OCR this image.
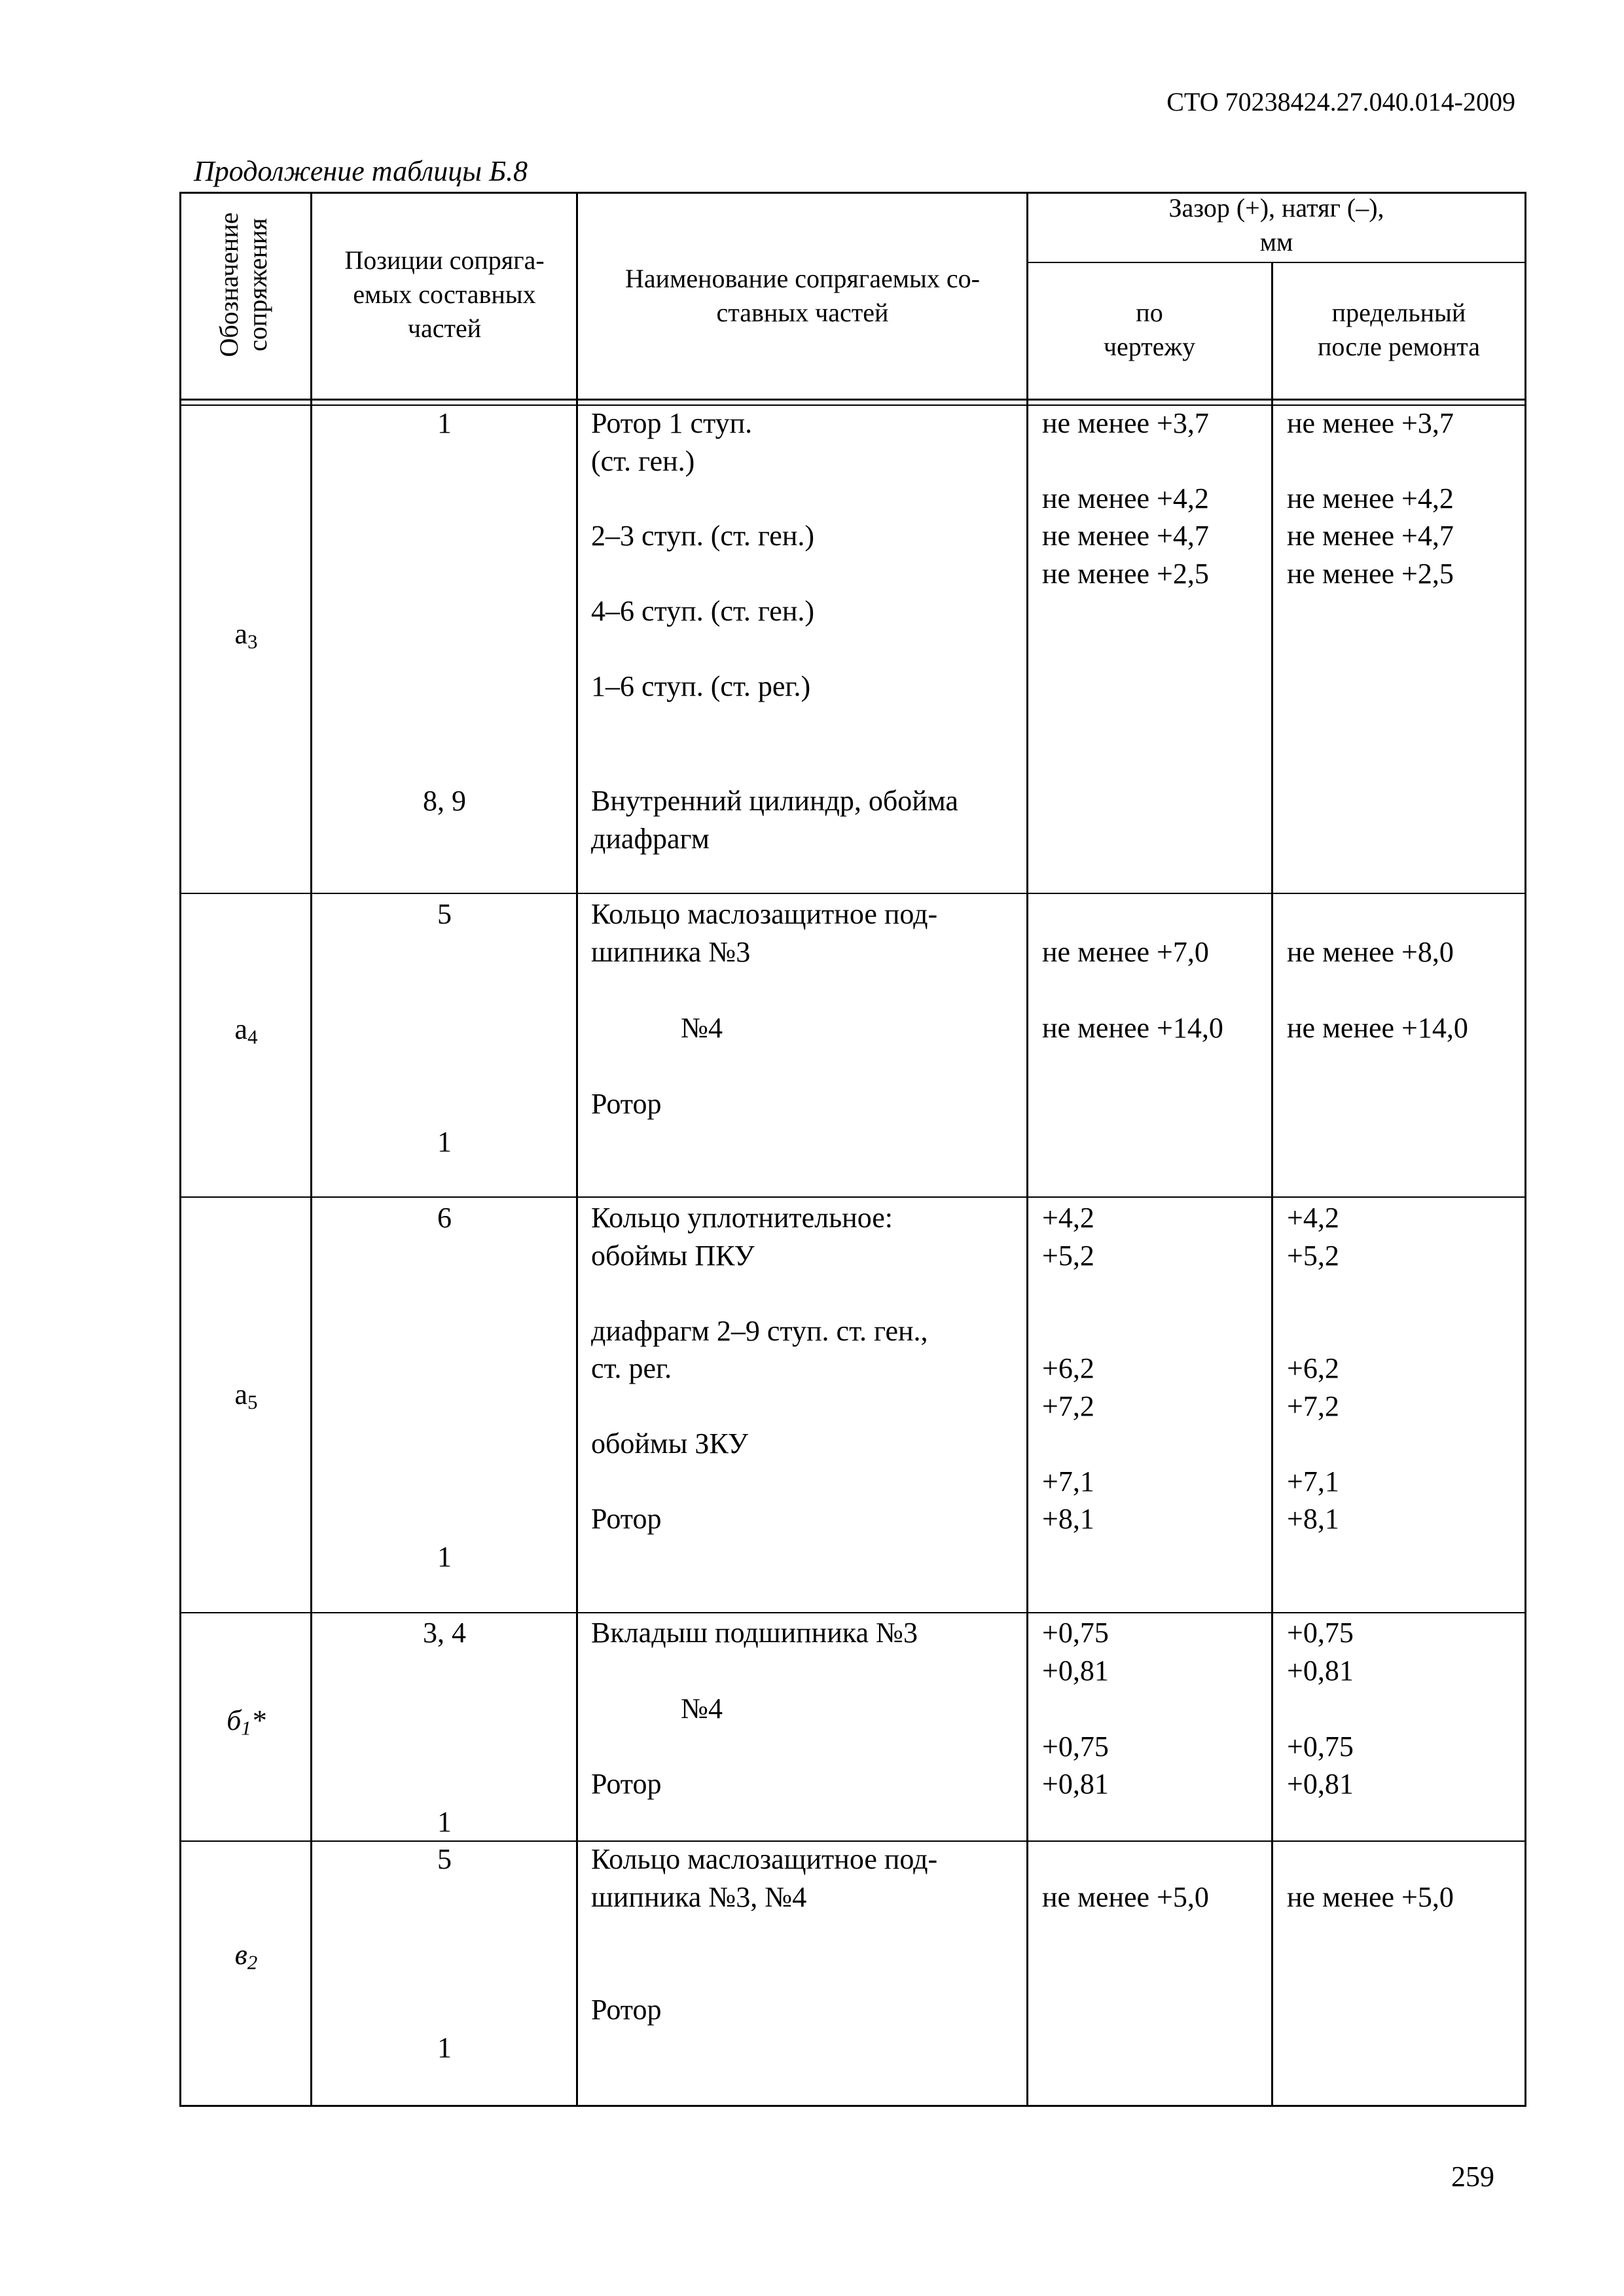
СТО 70238424.27.040.014-2009
Продолжение таблицы Б.8
Обозначение сопряжения	Позиции сопряга-
емых составных
частей
Наименование сопрягаемых со-
ставных частей
Зазор (+), натяг (–),
мм
по
чертежу
предельный
после ремонта
$а_3$
1
8, 9
Ротор 1 ступ.
(ст. ген.)
2–3 ступ. (ст. ген.)
4–6 ступ. (ст. ген.)
1–6 ступ. (ст. рег.)
Внутренний цилиндр, обойма
диафрагм
не менее +3,7
не менее +4,2
не менее +4,7
не менее +2,5
не менее +3,7
не менее +4,2
не менее +4,7
не менее +2,5
$а_4$
5
1
Кольцо маслозащитное под-
шипника №3
№4
Ротор
не менее +7,0
не менее +14,0
не менее +8,0
не менее +14,0
$а_5$
6
1
Кольцо уплотнительное:
обоймы ПКУ
диафрагм 2–9 ступ. ст. ген.,
ст. рег.
обоймы ЗКУ
Ротор
+4,2
+5,2
+6,2
+7,2
+7,1
+8,1
+4,2
+5,2
+6,2
+7,2
+7,1
+8,1
$б_1*$
3, 4
1
Вкладыш подшипника №3
№4
Ротор
+0,75
+0,81
+0,75
+0,81
+0,75
+0,81
+0,75
+0,81
$в_2$
5
1
Кольцо маслозащитное под-
шипника №3, №4
Ротор
не менее +5,0	не менее +5,0
259
